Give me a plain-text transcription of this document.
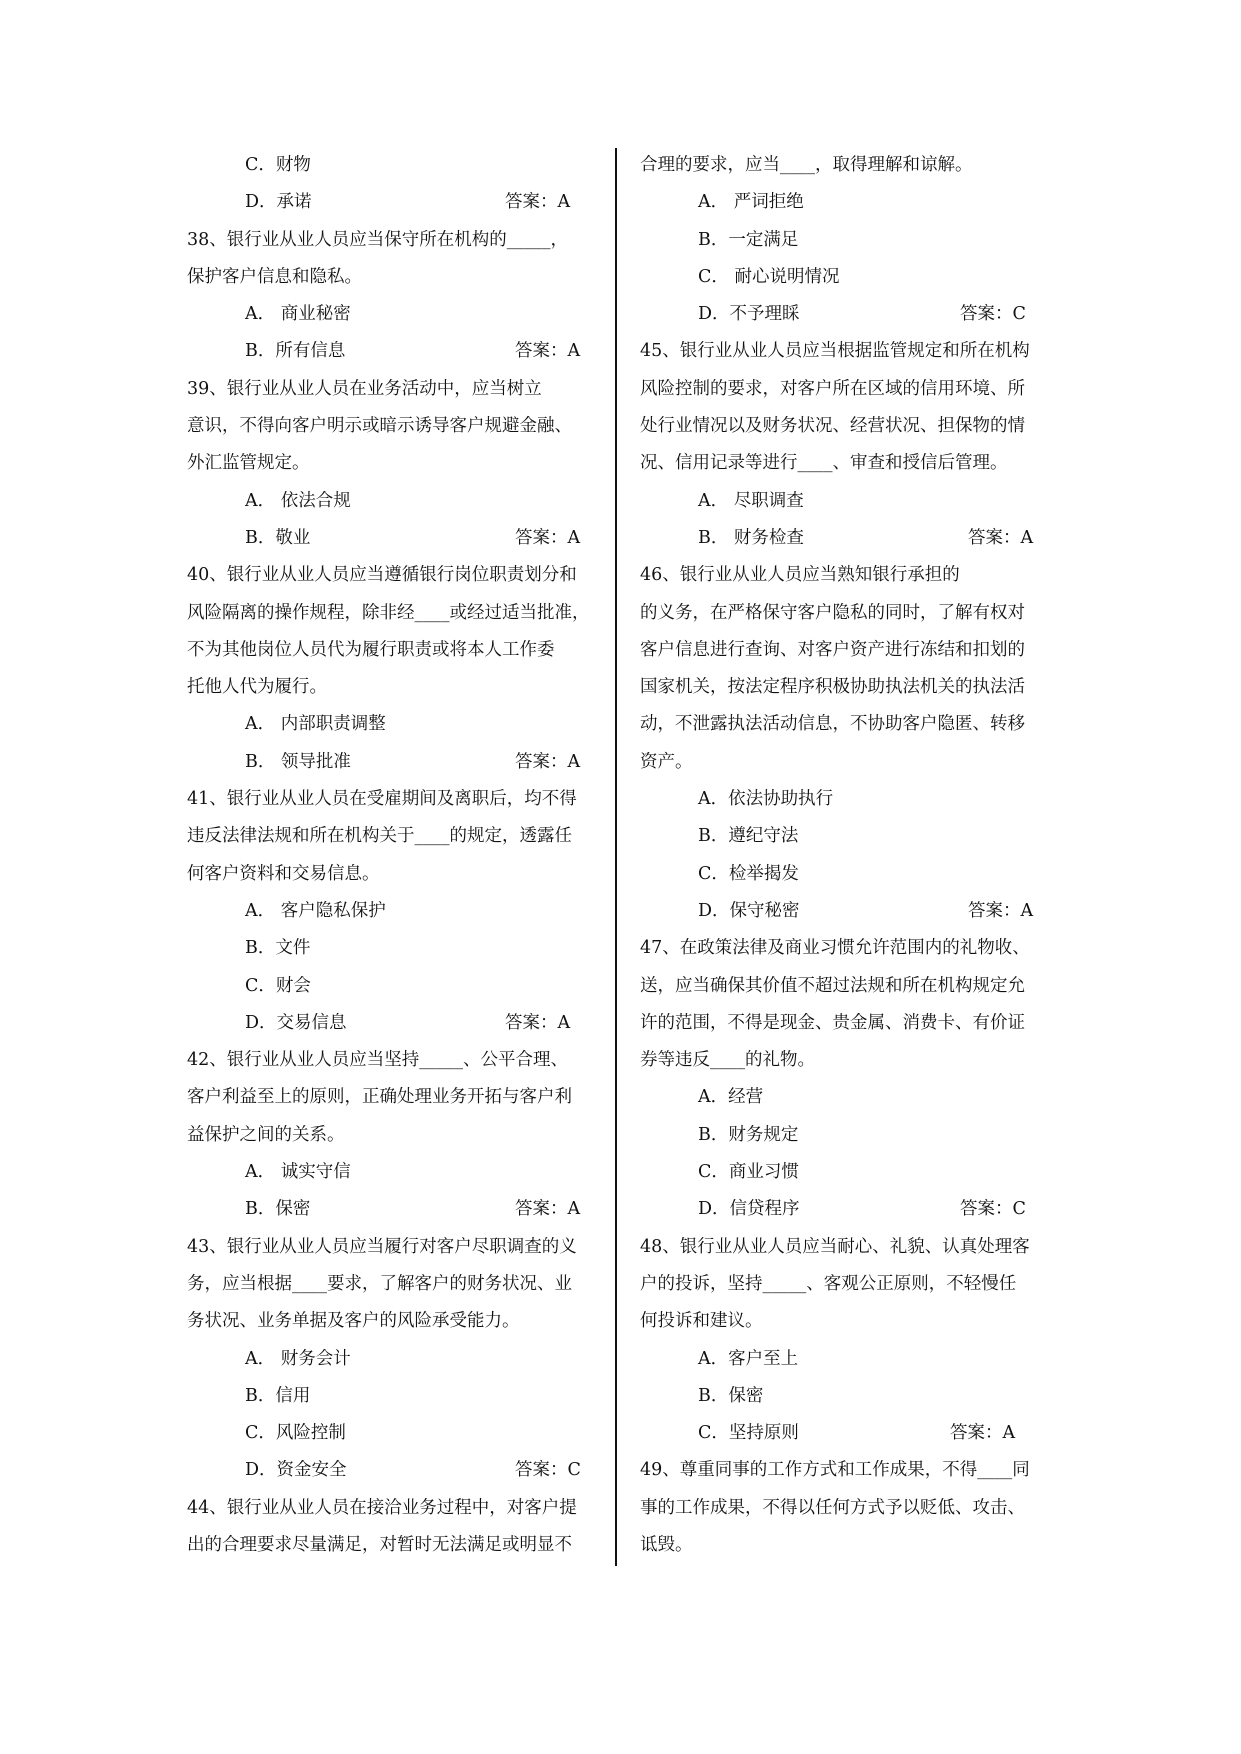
C．财物
D．承诺	答案：A
38、银行业从业人员应当保守所在机构的_____，
保护客户信息和隐私。
A． 商业秘密
B．所有信息	答案：A
39、银行业从业人员在业务活动中，应当树立
意识，不得向客户明示或暗示诱导客户规避金融、
外汇监管规定。
A． 依法合规
B．敬业	答案：A
40、银行业从业人员应当遵循银行岗位职责划分和
风险隔离的操作规程，除非经____或经过适当批准，
不为其他岗位人员代为履行职责或将本人工作委
托他人代为履行。
A． 内部职责调整
B． 领导批准	答案：A
41、银行业从业人员在受雇期间及离职后，均不得
违反法律法规和所在机构关于____的规定，透露任
何客户资料和交易信息。
A． 客户隐私保护
B．文件
C．财会
D．交易信息	答案：A
42、银行业从业人员应当坚持_____、公平合理、
客户利益至上的原则，正确处理业务开拓与客户利
益保护之间的关系。
A． 诚实守信
B．保密	答案：A
43、银行业从业人员应当履行对客户尽职调查的义
务，应当根据____要求，了解客户的财务状况、业
务状况、业务单据及客户的风险承受能力。
A． 财务会计
B．信用
C．风险控制
D．资金安全	答案：C
44、银行业从业人员在接洽业务过程中，对客户提
出的合理要求尽量满足，对暂时无法满足或明显不
合理的要求，应当____，取得理解和谅解。
A． 严词拒绝
B．一定满足
C． 耐心说明情况
D．不予理睬	答案：C
45、银行业从业人员应当根据监管规定和所在机构
风险控制的要求，对客户所在区域的信用环境、所
处行业情况以及财务状况、经营状况、担保物的情
况、信用记录等进行____、审查和授信后管理。
A． 尽职调查
B． 财务检查	答案：A
46、银行业从业人员应当熟知银行承担的
的义务，在严格保守客户隐私的同时，了解有权对
客户信息进行查询、对客户资产进行冻结和扣划的
国家机关，按法定程序积极协助执法机关的执法活
动，不泄露执法活动信息，不协助客户隐匿、转移
资产。
A．依法协助执行
B．遵纪守法
C．检举揭发
D．保守秘密	答案：A
47、在政策法律及商业习惯允许范围内的礼物收、
送，应当确保其价值不超过法规和所在机构规定允
许的范围，不得是现金、贵金属、消费卡、有价证
券等违反____的礼物。
A．经营
B．财务规定
C．商业习惯
D．信贷程序	答案：C
48、银行业从业人员应当耐心、礼貌、认真处理客
户的投诉，坚持_____、客观公正原则，不轻慢任
何投诉和建议。
A．客户至上
B．保密
C．坚持原则	答案：A
49、尊重同事的工作方式和工作成果，不得____同
事的工作成果，不得以任何方式予以贬低、攻击、
诋毁。
